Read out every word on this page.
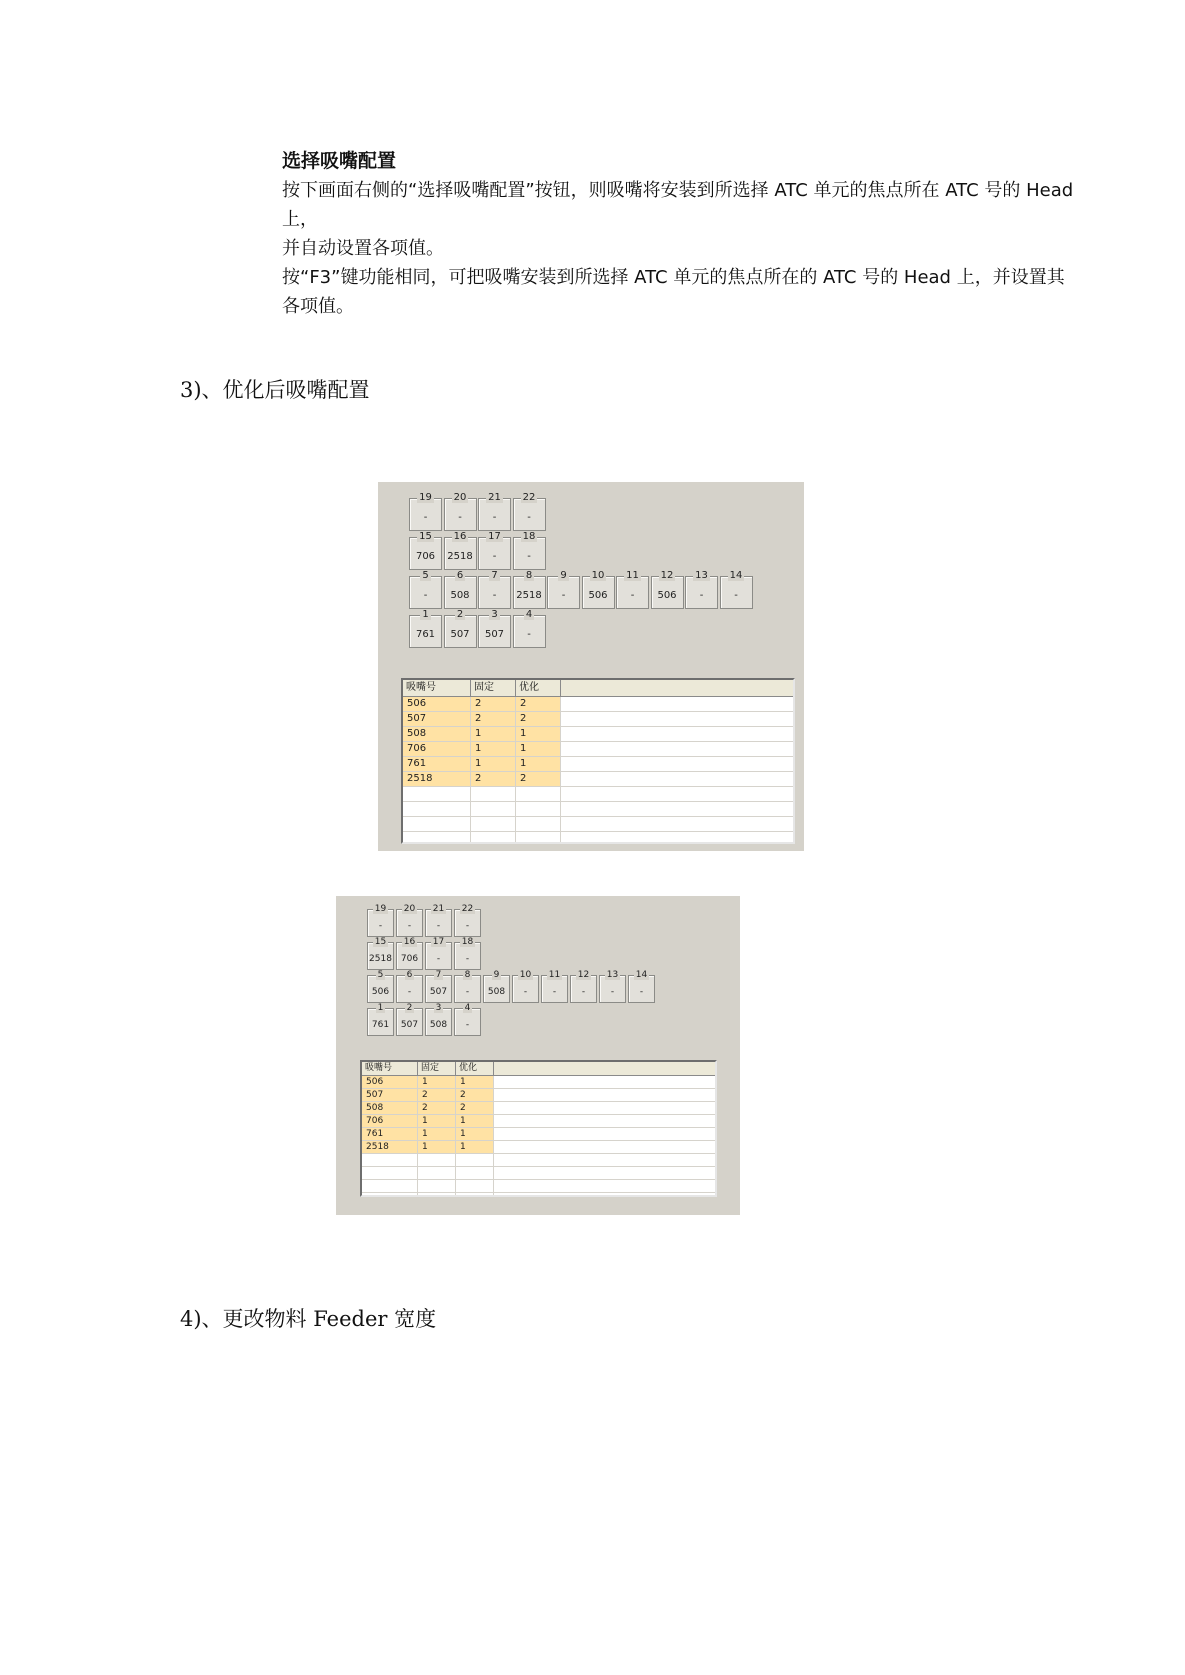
选择吸嘴配置

按下画面右侧的“选择吸嘴配置”按钮，则吸嘴将安装到所选择 ATC 单元的焦点所在 ATC 号的 Head 上，

并自动设置各项值。

按“F3”键功能相同，可把吸嘴安装到所选择 ATC 单元的焦点所在的 ATC 号的 Head 上，并设置其各项值。

3)、优化后吸嘴配置
19
-
20
-
21
-
22
-
15
706
16
2518
17
-
18
-
5
-
6
508
7
-
8
2518
9
-
10
506
11
-
12
506
13
-
14
-
1
761
2
507
3
507
4
-
吸嘴号	固定	优化
506	2	2
507	2	2
508	1	1
706	1	1
761	1	1
2518	2	2
19
-
20
-
21
-
22
-
15
2518
16
706
17
-
18
-
5
506
6
-
7
507
8
-
9
508
10
-
11
-
12
-
13
-
14
-
1
761
2
507
3
508
4
-
吸嘴号	固定	优化
506	1	1
507	2	2
508	2	2
706	1	1
761	1	1
2518	1	1
4)、更改物料 Feeder 宽度
